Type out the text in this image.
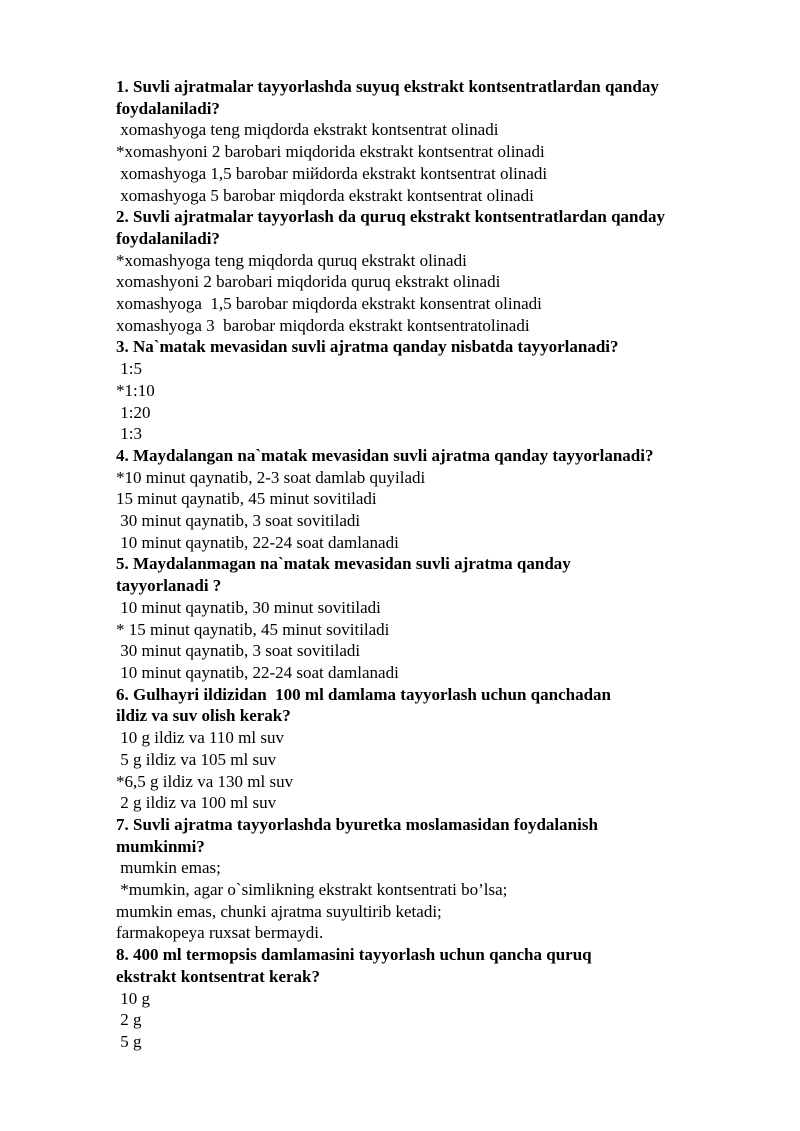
1. Suvli ajratmalar tayyorlashda suyuq ekstrakt kontsentratlardan qanday
foydalaniladi?
xomashyoga teng miqdorda ekstrakt kontsentrat olinadi
*xomashyoni 2 barobari miqdorida ekstrakt kontsentrat olinadi
xomashyoga 1,5 barobar miйdorda ekstrakt kontsentrat olinadi
xomashyoga 5 barobar miqdorda ekstrakt kontsentrat olinadi
2. Suvli ajratmalar tayyorlash da quruq ekstrakt kontsentratlardan qanday
foydalaniladi?
*xomashyoga teng miqdorda quruq ekstrakt olinadi
xomashyoni 2 barobari miqdorida quruq ekstrakt olinadi
xomashyoga  1,5 barobar miqdorda ekstrakt konsentrat olinadi
xomashyoga 3  barobar miqdorda ekstrakt kontsentratolinadi
3. Na`matak mevasidan suvli ajratma qanday nisbatda tayyorlanadi?
1:5
*1:10
1:20
1:3
4. Maydalangan na`matak mevasidan suvli ajratma qanday tayyorlanadi?
*10 minut qaynatib, 2-3 soat damlab quyiladi
15 minut qaynatib, 45 minut sovitiladi
30 minut qaynatib, 3 soat sovitiladi
10 minut qaynatib, 22-24 soat damlanadi
5. Maydalanmagan na`matak mevasidan suvli ajratma qanday
tayyorlanadi ?
10 minut qaynatib, 30 minut sovitiladi
* 15 minut qaynatib, 45 minut sovitiladi
30 minut qaynatib, 3 soat sovitiladi
10 minut qaynatib, 22-24 soat damlanadi
6. Gulhayri ildizidan  100 ml damlama tayyorlash uchun qanchadan
ildiz va suv olish kerak?
10 g ildiz va 110 ml suv
5 g ildiz va 105 ml suv
*6,5 g ildiz va 130 ml suv
2 g ildiz va 100 ml suv
7. Suvli ajratma tayyorlashda byuretka moslamasidan foydalanish
mumkinmi?
mumkin emas;
*mumkin, agar o`simlikning ekstrakt kontsentrati bo’lsa;
mumkin emas, chunki ajratma suyultirib ketadi;
farmakopeya ruxsat bermaydi.
8. 400 ml termopsis damlamasini tayyorlash uchun qancha quruq
ekstrakt kontsentrat kerak?
10 g
2 g
5 g
